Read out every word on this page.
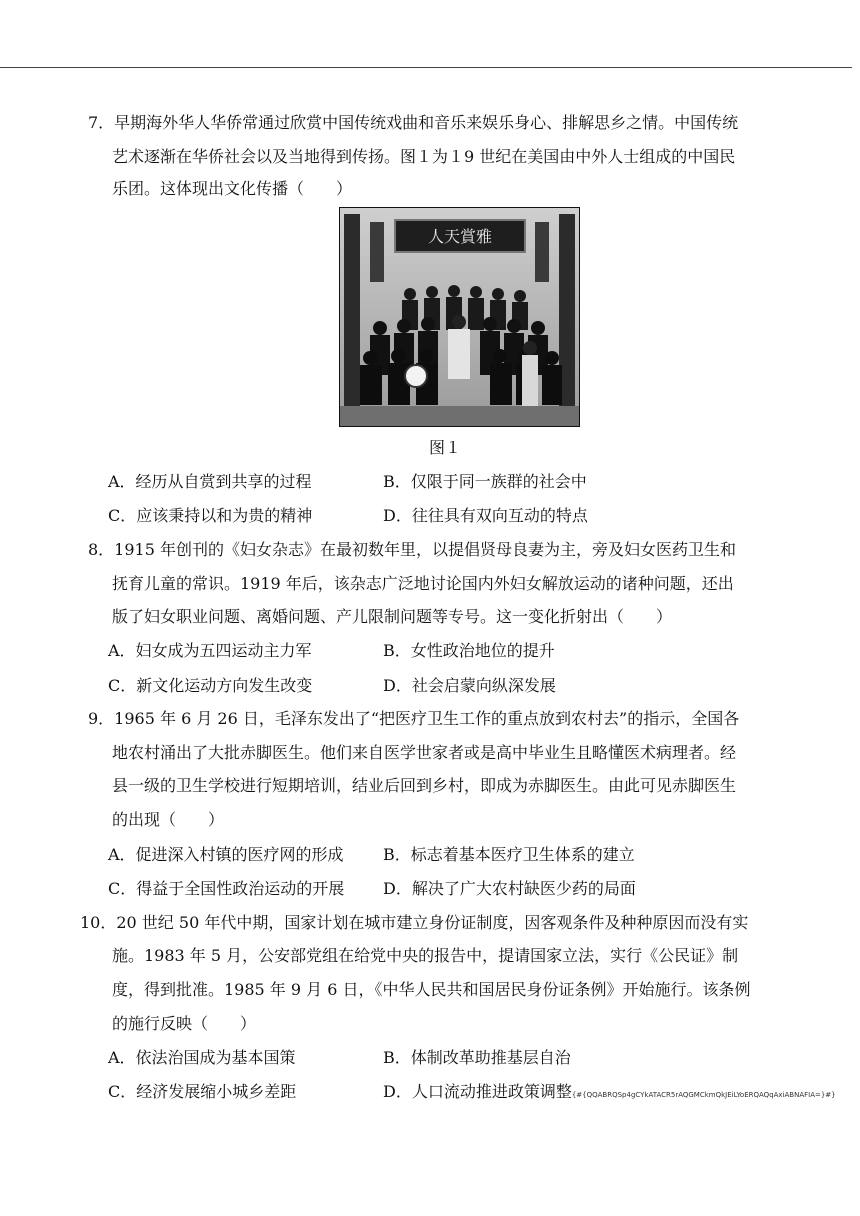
7．早期海外华人华侨常通过欣赏中国传统戏曲和音乐来娱乐身心、排解思乡之情。中国传统
艺术逐渐在华侨社会以及当地得到传扬。图１为１9 世纪在美国由中外人士组成的中国民
乐团。这体现出文化传播（　　）
人天賞雅
图１
A．经历从自赏到共享的过程	B．仅限于同一族群的社会中
C．应该秉持以和为贵的精神	D．往往具有双向互动的特点
8．1915 年创刊的《妇女杂志》在最初数年里，以提倡贤母良妻为主，旁及妇女医药卫生和
抚育儿童的常识。1919 年后，该杂志广泛地讨论国内外妇女解放运动的诸种问题，还出
版了妇女职业问题、离婚问题、产儿限制问题等专号。这一变化折射出（　　）
A．妇女成为五四运动主力军	B．女性政治地位的提升
C．新文化运动方向发生改变	D．社会启蒙向纵深发展
9．1965 年 6 月 26 日，毛泽东发出了“把医疗卫生工作的重点放到农村去”的指示，全国各
地农村涌出了大批赤脚医生。他们来自医学世家者或是高中毕业生且略懂医术病理者。经
县一级的卫生学校进行短期培训，结业后回到乡村，即成为赤脚医生。由此可见赤脚医生
的出现（　　）
A．促进深入村镇的医疗网的形成 B．标志着基本医疗卫生体系的建立
C．得益于全国性政治运动的开展 D．解决了广大农村缺医少药的局面
10．20 世纪 50 年代中期，国家计划在城市建立身份证制度，因客观条件及种种原因而没有实
施。1983 年 5 月，公安部党组在给党中央的报告中，提请国家立法，实行《公民证》制
度，得到批准。1985 年 9 月 6 日，《中华人民共和国居民身份证条例》开始施行。该条例
的施行反映（　　）
A．依法治国成为基本国策	B．体制改革助推基层自治
C．经济发展缩小城乡差距	D．人口流动推进政策调整{#{QQABRQSp4gCYkATACR5rAQGMCkmQkJEiLYoERQAQqAxiABNAFIA=}#}
